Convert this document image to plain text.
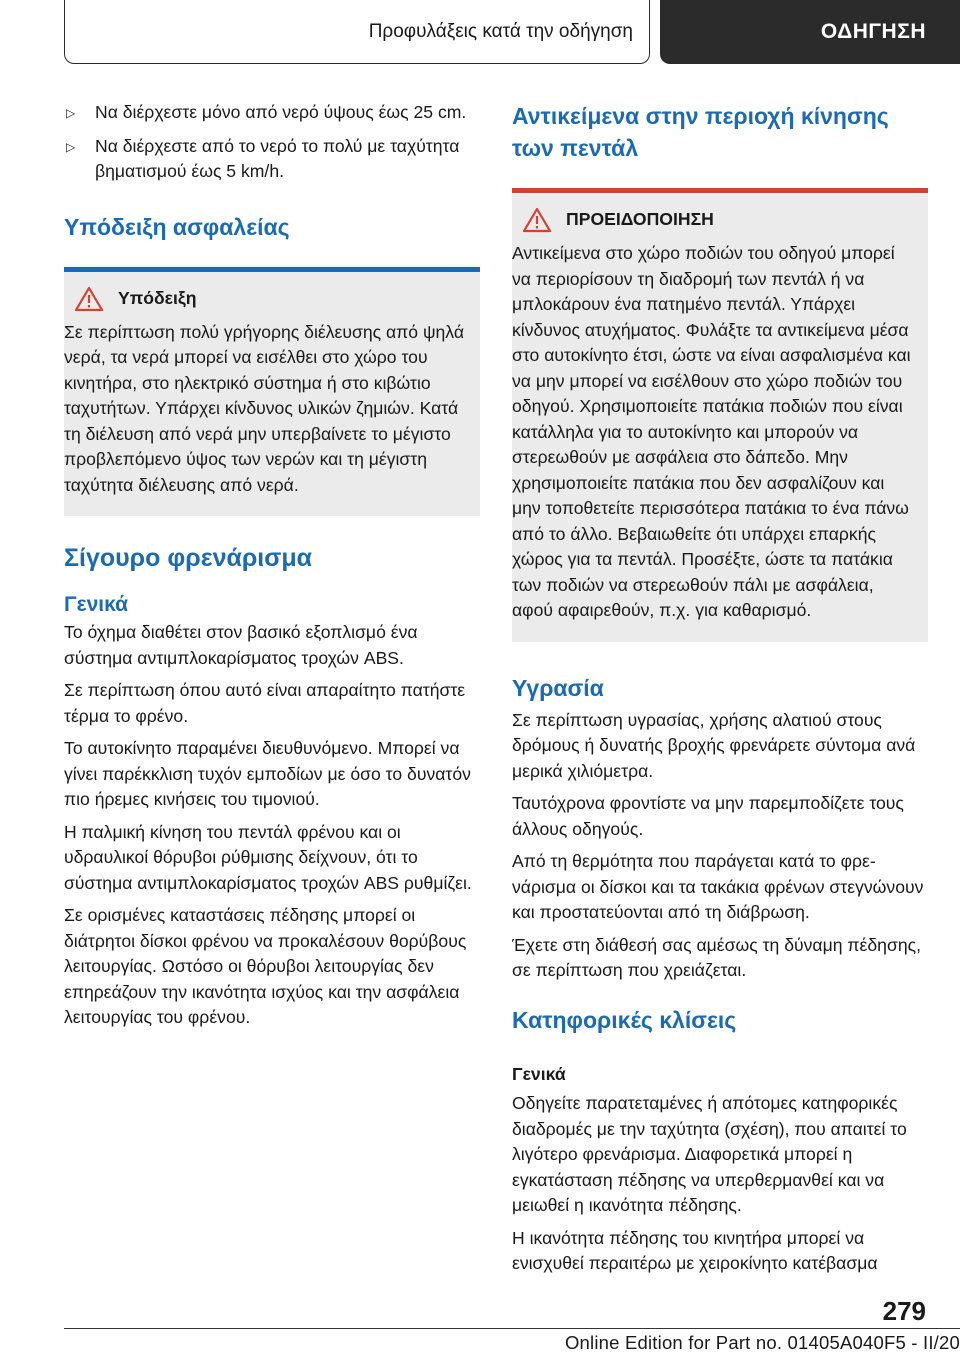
Προφυλάξεις κατά την οδήγηση	ΟΔΗΓΗΣΗ
▷ Να διέρχεστε μόνο από νερό ύψους έως 25 cm.
▷ Να διέρχεστε από το νερό το πολύ με ταχύτητα βηματισμού έως 5 km/h.
Υπόδειξη ασφαλείας
Υπόδειξη
Σε περίπτωση πολύ γρήγορης διέλευσης από ψηλά νερά, τα νερά μπορεί να εισέλθει στο χώρο του κινητήρα, στο ηλεκτρικό σύστημα ή στο κιβώτιο ταχυτήτων. Υπάρχει κίνδυνος υλικών ζημιών. Κατά τη διέλευση από νερά μην υπερβαίνετε το μέγιστο προβλεπόμενο ύψος των νερών και τη μέγιστη ταχύτητα διέλευσης από νερά.
Σίγουρο φρενάρισμα
Γενικά

Το όχημα διαθέτει στον βασικό εξοπλισμό ένα σύστημα αντιμπλοκαρίσματος τροχών ABS.

Σε περίπτωση όπου αυτό είναι απαραίτητο πατήστε τέρμα το φρένο.

Το αυτοκίνητο παραμένει διευθυνόμενο. Μπορεί να γίνει παρέκκλιση τυχόν εμποδίων με όσο το δυνατόν πιο ήρεμες κινήσεις του τιμονιού.

Η παλμική κίνηση του πεντάλ φρένου και οι υδραυλικοί θόρυβοι ρύθμισης δείχνουν, ότι το σύστημα αντιμπλοκαρίσματος τροχών ABS ρυθμίζει.

Σε ορισμένες καταστάσεις πέδησης μπορεί οι διάτρητοι δίσκοι φρένου να προκαλέσουν θορύβους λειτουργίας. Ωστόσο οι θόρυβοι λειτουργίας δεν επηρεάζουν την ικανότητα ισχύος και την ασφάλεια λειτουργίας του φρένου.

Αντικείμενα στην περιοχή κίνησης των πεντάλ
ΠΡΟΕΙΔΟΠΟΙΗΣΗ
Αντικείμενα στο χώρο ποδιών του οδηγού μπορεί να περιορίσουν τη διαδρομή των πεντάλ ή να μπλοκάρουν ένα πατημένο πεντάλ. Υπάρχει κίνδυνος ατυχήματος. Φυλάξτε τα αντικείμενα μέσα στο αυτοκίνητο έτσι, ώστε να είναι ασφαλισμένα και να μην μπορεί να εισέλθουν στο χώρο ποδιών του οδηγού. Χρησιμοποιείτε πατάκια ποδιών που είναι κατάλληλα για το αυτοκίνητο και μπορούν να στερεωθούν με ασφάλεια στο δάπεδο. Μην χρησιμοποιείτε πατάκια που δεν ασφαλίζουν και μην τοποθετείτε περισσότερα πατάκια το ένα πάνω από το άλλο. Βεβαιωθείτε ότι υπάρχει επαρκής χώρος για τα πεντάλ. Προσέξτε, ώστε τα πατάκια των ποδιών να στερεωθούν πάλι με ασφάλεια, αφού αφαιρεθούν, π.χ. για καθαρισμό.
Υγρασία

Σε περίπτωση υγρασίας, χρήσης αλατιού στους δρόμους ή δυνατής βροχής φρενάρετε σύντομα ανά μερικά χιλιόμετρα.

Ταυτόχρονα φροντίστε να μην παρεμποδίζετε τους άλλους οδηγούς.

Από τη θερμότητα που παράγεται κατά το φρενάρισμα οι δίσκοι και τα τακάκια φρένων στεγνώνουν και προστατεύονται από τη διάβρωση.

Έχετε στη διάθεσή σας αμέσως τη δύναμη πέδησης, σε περίπτωση που χρειάζεται.

Κατηφορικές κλίσεις
Γενικά

Οδηγείτε παρατεταμένες ή απότομες κατηφορικές διαδρομές με την ταχύτητα (σχέση), που απαιτεί το λιγότερο φρενάρισμα. Διαφορετικά μπορεί η εγκατάσταση πέδησης να υπερθερμανθεί και να μειωθεί η ικανότητα πέδησης.

Η ικανότητα πέδησης του κινητήρα μπορεί να ενισχυθεί περαιτέρω με χειροκίνητο κατέβασμα

279
Online Edition for Part no. 01405A040F5 - II/20
